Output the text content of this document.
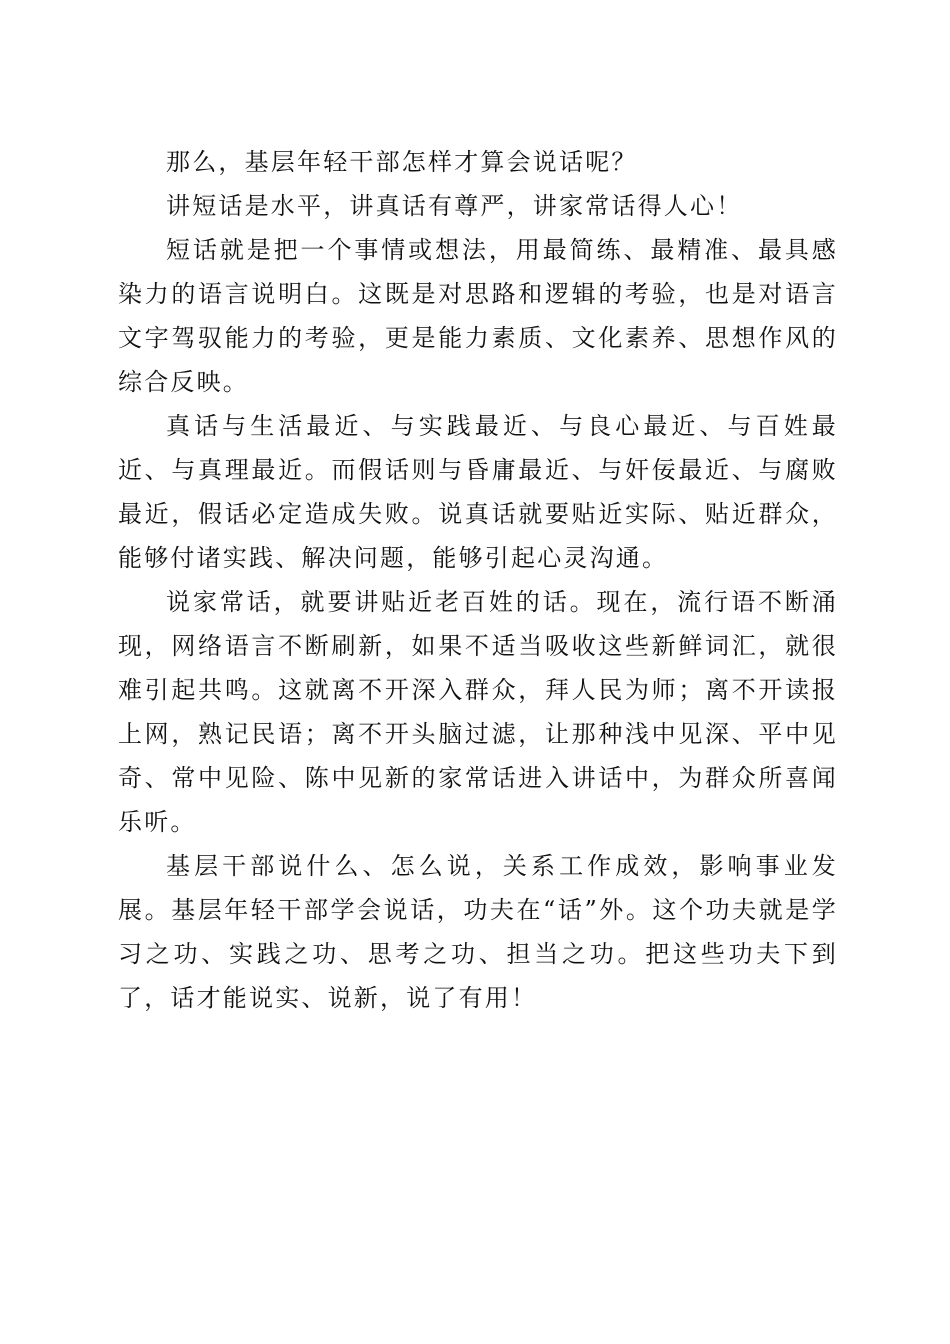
那么，基层年轻干部怎样才算会说话呢？

讲短话是水平，讲真话有尊严，讲家常话得人心！

短话就是把一个事情或想法，用最简练、最精准、最具感染力的语言说明白。这既是对思路和逻辑的考验，也是对语言文字驾驭能力的考验，更是能力素质、文化素养、思想作风的综合反映。

真话与生活最近、与实践最近、与良心最近、与百姓最近、与真理最近。而假话则与昏庸最近、与奸佞最近、与腐败最近，假话必定造成失败。说真话就要贴近实际、贴近群众，能够付诸实践、解决问题，能够引起心灵沟通。

说家常话，就要讲贴近老百姓的话。现在，流行语不断涌现，网络语言不断刷新，如果不适当吸收这些新鲜词汇，就很难引起共鸣。这就离不开深入群众，拜人民为师；离不开读报上网，熟记民语；离不开头脑过滤，让那种浅中见深、平中见奇、常中见险、陈中见新的家常话进入讲话中，为群众所喜闻乐听。

基层干部说什么、怎么说，关系工作成效，影响事业发展。基层年轻干部学会说话，功夫在“话”外。这个功夫就是学习之功、实践之功、思考之功、担当之功。把这些功夫下到了，话才能说实、说新，说了有用！
